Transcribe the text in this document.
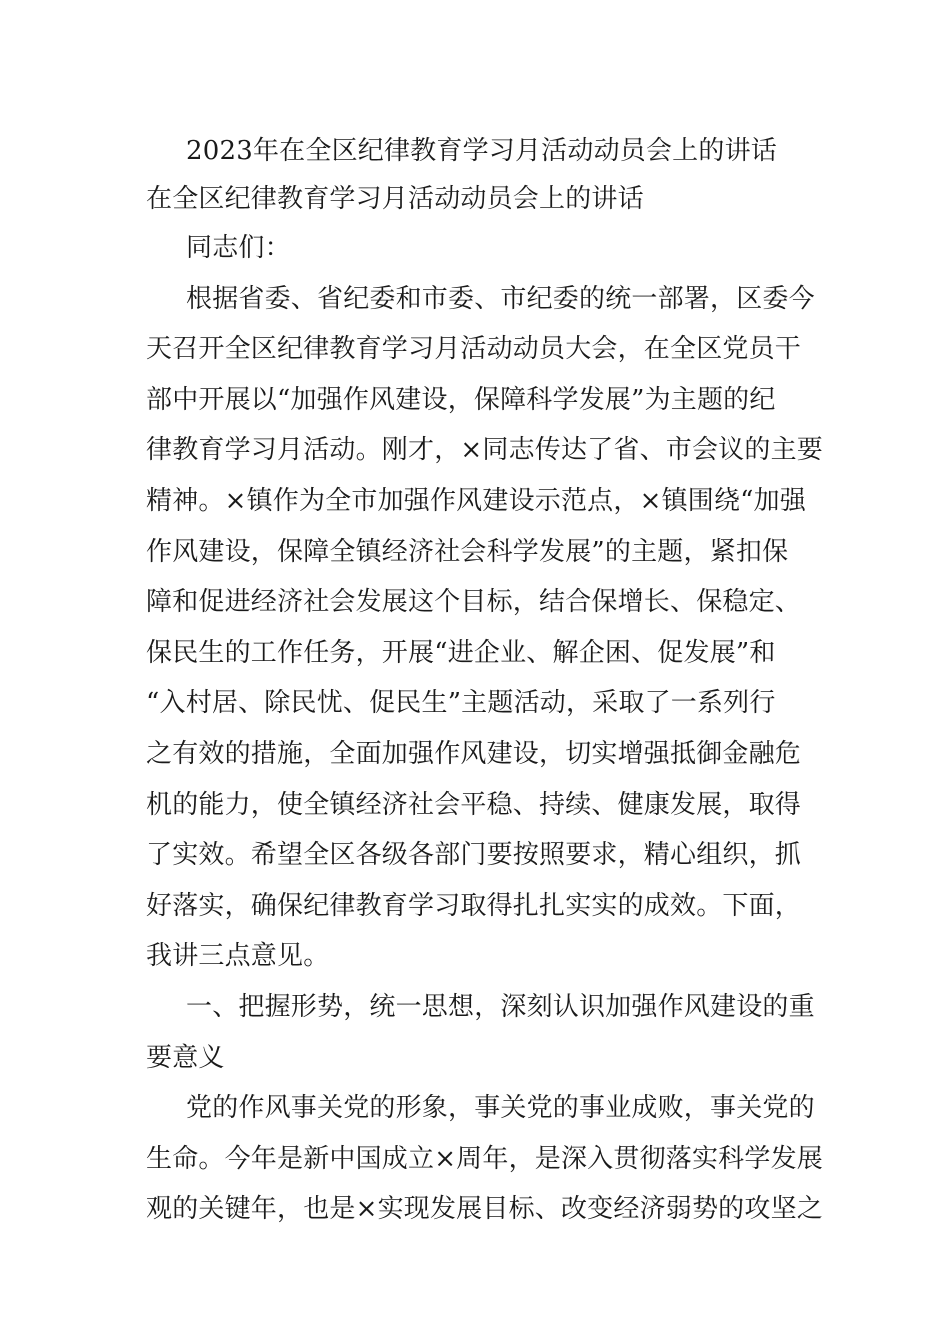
2023年在全区纪律教育学习月活动动员会上的讲话
在全区纪律教育学习月活动动员会上的讲话
同志们：
根据省委、省纪委和市委、市纪委的统一部署，区委今
天召开全区纪律教育学习月活动动员大会，在全区党员干
部中开展以“加强作风建设，保障科学发展”为主题的纪
律教育学习月活动。刚才，×同志传达了省、市会议的主要
精神。×镇作为全市加强作风建设示范点，×镇围绕“加强
作风建设，保障全镇经济社会科学发展”的主题，紧扣保
障和促进经济社会发展这个目标，结合保增长、保稳定、
保民生的工作任务，开展“进企业、解企困、促发展”和
“入村居、除民忧、促民生”主题活动，采取了一系列行
之有效的措施，全面加强作风建设，切实增强抵御金融危
机的能力，使全镇经济社会平稳、持续、健康发展，取得
了实效。希望全区各级各部门要按照要求，精心组织，抓
好落实，确保纪律教育学习取得扎扎实实的成效。下面，
我讲三点意见。
一、把握形势，统一思想，深刻认识加强作风建设的重
要意义
党的作风事关党的形象，事关党的事业成败，事关党的
生命。今年是新中国成立×周年，是深入贯彻落实科学发展
观的关键年，也是×实现发展目标、改变经济弱势的攻坚之
